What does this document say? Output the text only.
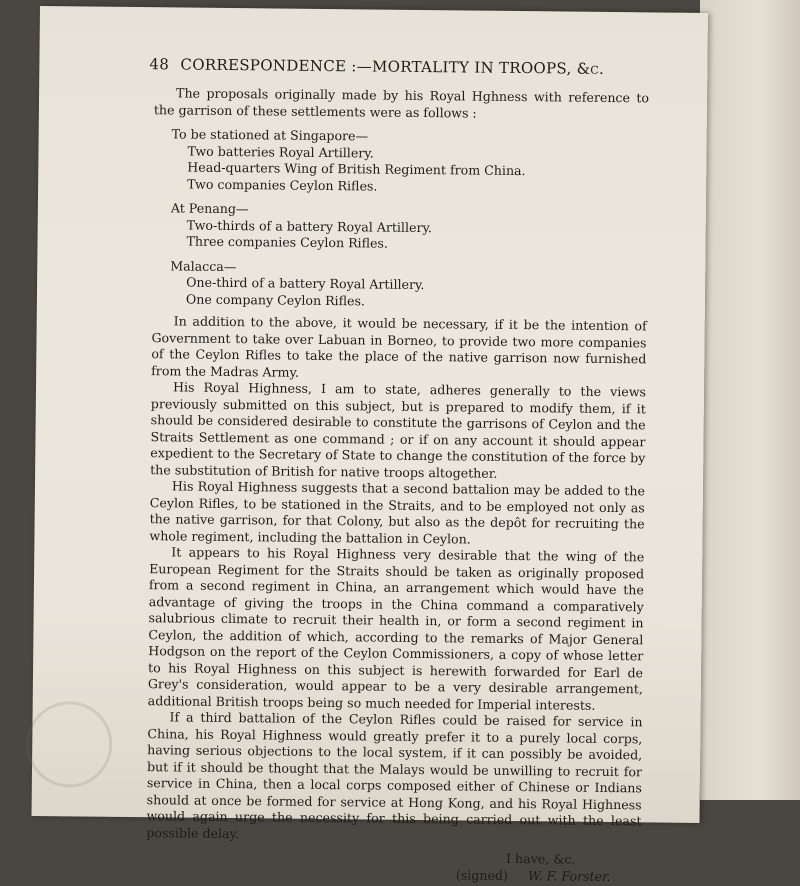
48 CORRESPONDENCE :—MORTALITY IN TROOPS, &c.

The proposals originally made by his Royal Hghness with reference to the garrison of these settlements were as follows :

To be stationed at Singapore—

Two batteries Royal Artillery.

Head-quarters Wing of British Regiment from China.

Two companies Ceylon Rifles.

At Penang—

Two-thirds of a battery Royal Artillery.

Three companies Ceylon Rifles.

Malacca—

One-third of a battery Royal Artillery.

One company Ceylon Rifles.

In addition to the above, it would be necessary, if it be the intention of Government to take over Labuan in Borneo, to provide two more companies of the Ceylon Rifles to take the place of the native garrison now furnished from the Madras Army.

His Royal Highness, I am to state, adheres generally to the views previously submitted on this subject, but is prepared to modify them, if it should be considered desirable to constitute the garrisons of Ceylon and the Straits Settlement as one command ; or if on any account it should appear expedient to the Secretary of State to change the constitution of the force by the substitution of British for native troops altogether.

His Royal Highness suggests that a second battalion may be added to the Ceylon Rifles, to be stationed in the Straits, and to be employed not only as the native garrison, for that Colony, but also as the depôt for recruiting the whole regiment, including the battalion in Ceylon.

It appears to his Royal Highness very desirable that the wing of the European Regiment for the Straits should be taken as originally proposed from a second regiment in China, an arrangement which would have the advantage of giving the troops in the China command a comparatively salubrious climate to recruit their health in, or form a second regiment in Ceylon, the addition of which, according to the remarks of Major General Hodgson on the report of the Ceylon Commissioners, a copy of whose letter to his Royal Highness on this subject is herewith forwarded for Earl de Grey's consideration, would appear to be a very desirable arrangement, additional British troops being so much needed for Imperial interests.

If a third battalion of the Ceylon Rifles could be raised for service in China, his Royal Highness would greatly prefer it to a purely local corps, having serious objections to the local system, if it can possibly be avoided, but if it should be thought that the Malays would be unwilling to recruit for service in China, then a local corps composed either of Chinese or Indians should at once be formed for service at Hong Kong, and his Royal Highness would again urge the necessity for this being carried out with the least possible delay.

I have, &c.
(signed) W. F. Forster.
